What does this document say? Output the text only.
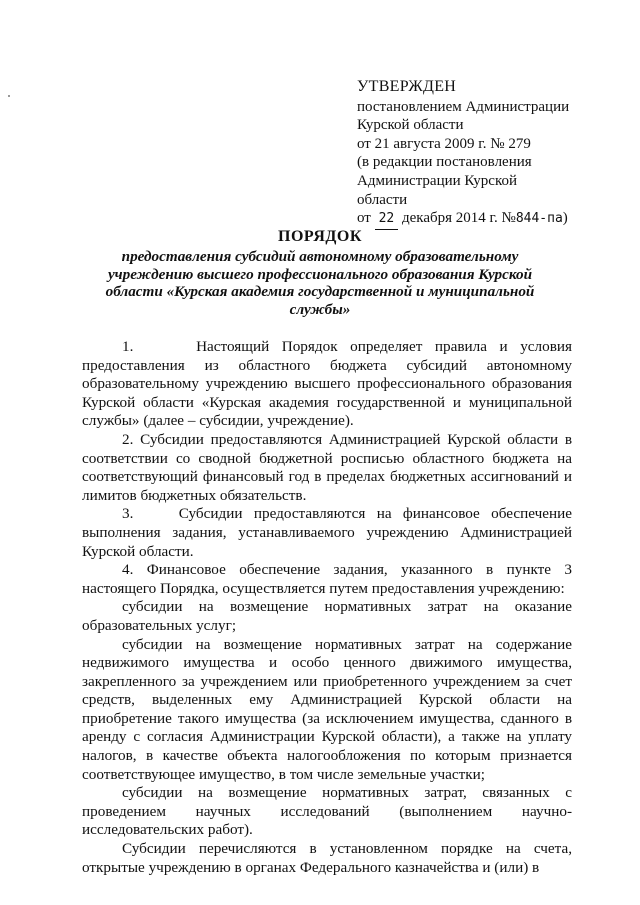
УТВЕРЖДЕН
постановлением Администрации
Курской области
от 21 августа 2009 г. № 279
(в редакции постановления
Администрации Курской
области
от 22 декабря 2014 г. №844-па)
ПОРЯДОК
предоставления субсидий автономному образовательному учреждению высшего профессионального образования Курской области «Курская академия государственной и муниципальной службы»

1.     Настоящий Порядок определяет правила и условия предоставления из областного бюджета субсидий автономному образовательному учреждению высшего профессионального образования Курской области «Курская академия государственной и муниципальной службы» (далее – субсидии, учреждение).

2. Субсидии предоставляются Администрацией Курской области в соответствии со сводной бюджетной росписью областного бюджета на соответствующий финансовый год в пределах бюджетных ассигнований и лимитов бюджетных обязательств.

3.    Субсидии предоставляются на финансовое обеспечение выполнения задания, устанавливаемого учреждению Администрацией Курской области.

4. Финансовое обеспечение задания, указанного в пункте 3 настоящего Порядка, осуществляется путем предоставления учреждению:

субсидии на возмещение нормативных затрат на оказание образовательных услуг;

субсидии на возмещение нормативных затрат на содержание недвижимого имущества и особо ценного движимого имущества, закрепленного за учреждением или приобретенного учреждением за счет средств, выделенных ему Администрацией Курской области на приобретение такого имущества (за исключением имущества, сданного в аренду с согласия Администрации Курской области), а также на уплату налогов, в качестве объекта налогообложения по которым признается соответствующее имущество, в том числе земельные участки;

субсидии на возмещение нормативных затрат, связанных с проведением научных исследований (выполнением научно-исследовательских работ).

Субсидии перечисляются в установленном порядке на счета, открытые учреждению в органах Федерального казначейства и (или) в
